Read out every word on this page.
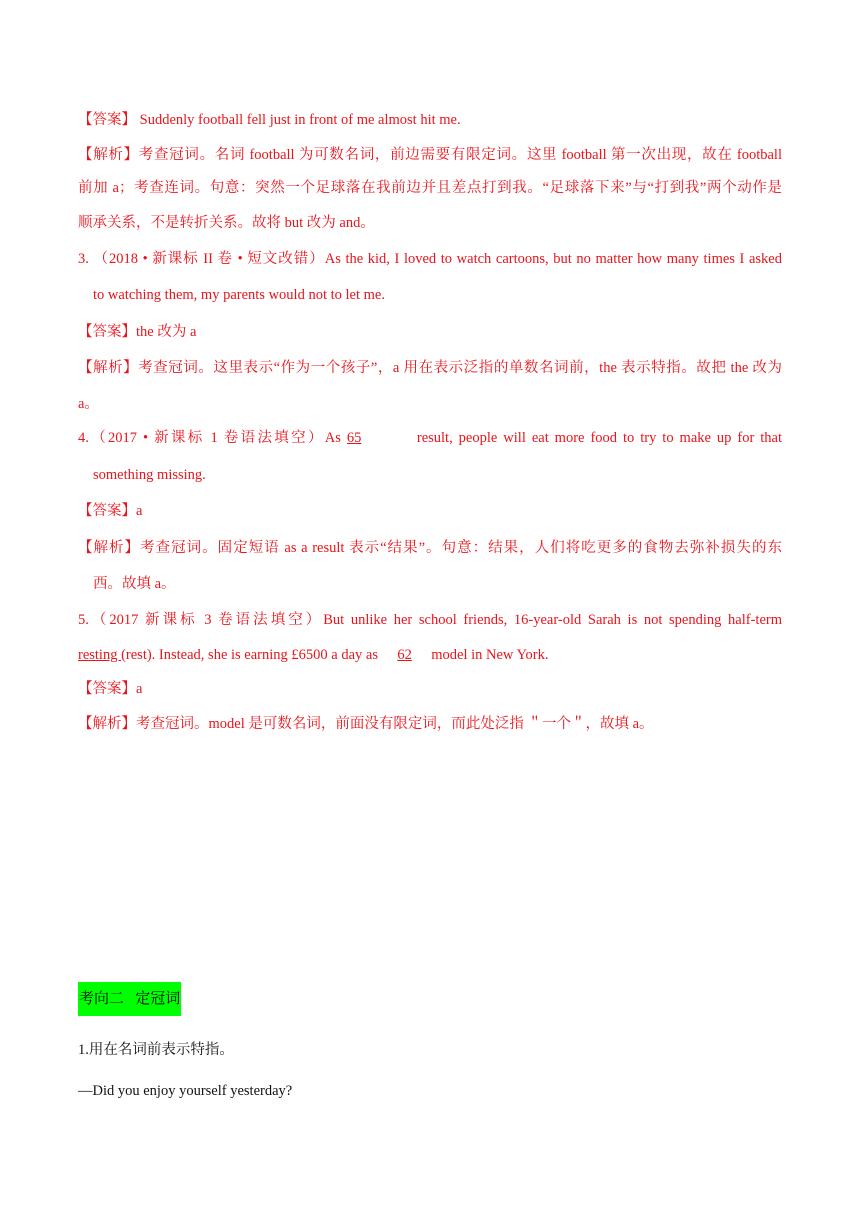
【答案】 Suddenly football fell just in front of me almost hit me.
【解析】考查冠词。名词 football 为可数名词，前边需要有限定词。这里 football 第一次出现，故在 football
前加 a；考查连词。句意：突然一个足球落在我前边并且差点打到我。“足球落下来”与“打到我”两个动作是
顺承关系，不是转折关系。故将 but 改为 and。
3. （2018 • 新课标 II 卷 • 短文改错）As the kid, I loved to watch cartoons, but no matter how many times I asked
to watching them, my parents would not to let me.
【答案】the 改为 a
【解析】考查冠词。这里表示“作为一个孩子”，a 用在表示泛指的单数名词前，the 表示特指。故把 the 改为
a。
4.（2017 • 新课标 1 卷语法填空）As 65	result, people will eat more food to try to make up for that
something missing.
【答案】a
【解析】考查冠词。固定短语 as a result 表示“结果”。句意：结果，人们将吃更多的食物去弥补损失的东
西。故填 a。
5.（2017 新课标 3 卷语法填空）But unlike her school friends, 16-year-old Sarah is not spending half-term
resting (rest). Instead, she is earning £6500 a day as 62 model in New York.
【答案】a
【解析】考查冠词。model 是可数名词，前面没有限定词，而此处泛指 ＂一个＂，故填 a。
考向二   定冠词
1.用在名词前表示特指。
—Did you enjoy yourself yesterday?
